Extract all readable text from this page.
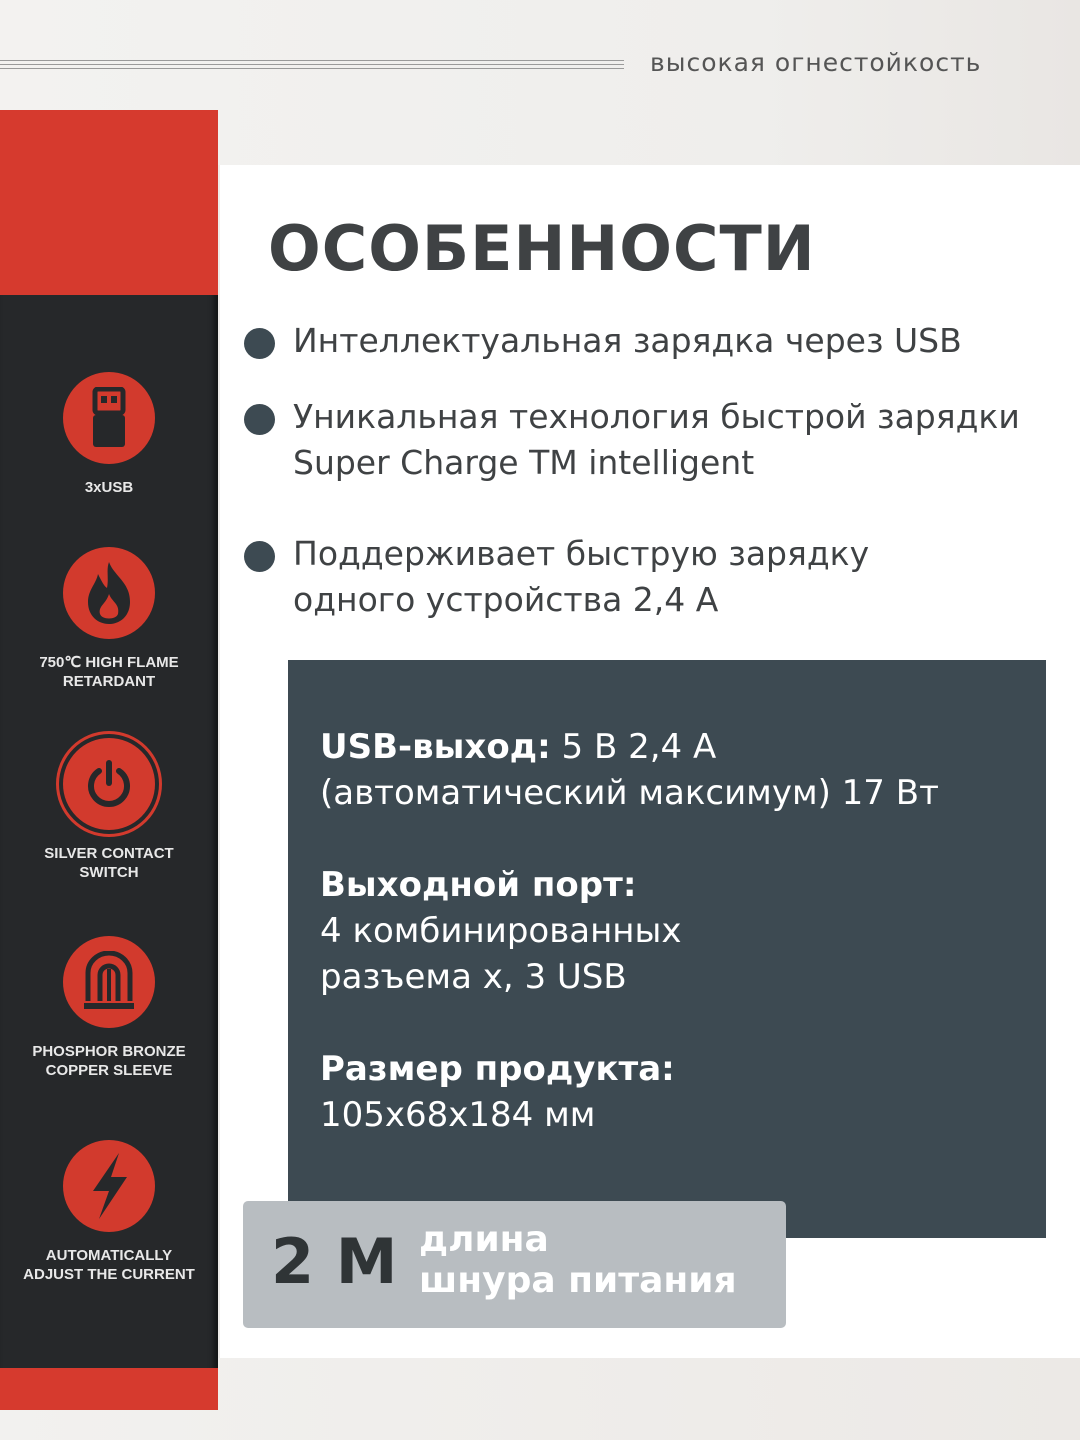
высокая огнестойкость
3xUSB
750℃ HIGH FLAME
RETARDANT
SILVER CONTACT
SWITCH
PHOSPHOR BRONZE
COPPER SLEEVE
AUTOMATICALLY
ADJUST THE CURRENT
ОСОБЕННОСТИ
Интеллектуальная зарядка через USB
Уникальная технология быстрой зарядки
Super Charge TM intelligent
Поддерживает быструю зарядку
одного устройства 2,4 А
USB-выход: 5 В 2,4 А
(автоматический максимум) 17 Вт
Выходной порт:
4 комбинированных
разъема х, 3 USB
Размер продукта:
105х68х184 мм
2 М длина
шнура питания
